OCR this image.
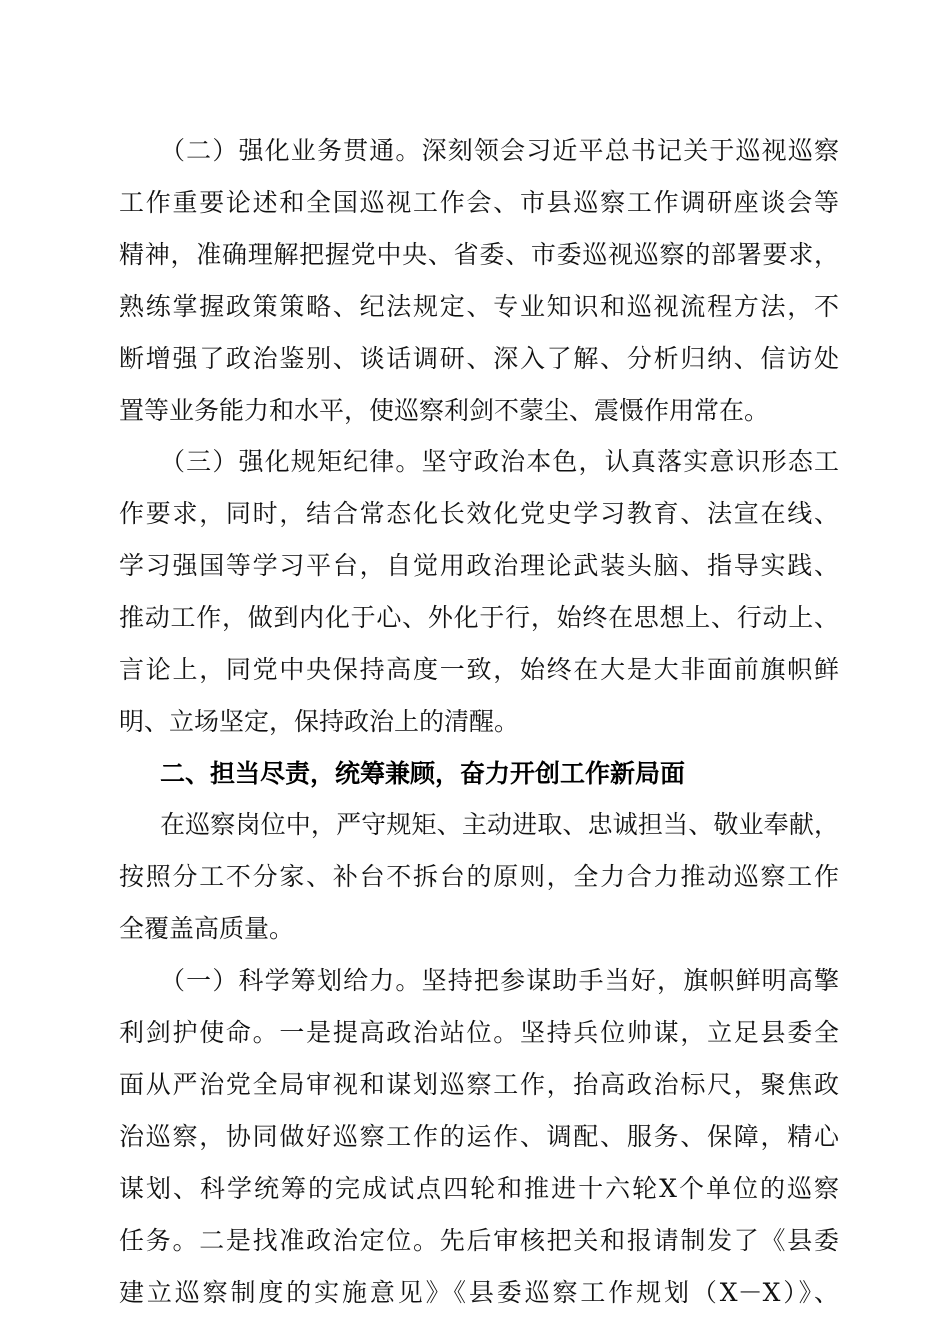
（二）强化业务贯通。深刻领会习近平总书记关于巡视巡察
工作重要论述和全国巡视工作会、市县巡察工作调研座谈会等
精神，准确理解把握党中央、省委、市委巡视巡察的部署要求，
熟练掌握政策策略、纪法规定、专业知识和巡视流程方法，不
断增强了政治鉴别、谈话调研、深入了解、分析归纳、信访处
置等业务能力和水平，使巡察利剑不蒙尘、震慑作用常在。
（三）强化规矩纪律。坚守政治本色，认真落实意识形态工
作要求，同时，结合常态化长效化党史学习教育、法宣在线、
学习强国等学习平台，自觉用政治理论武装头脑、指导实践、
推动工作，做到内化于心、外化于行，始终在思想上、行动上、
言论上，同党中央保持高度一致，始终在大是大非面前旗帜鲜
明、立场坚定，保持政治上的清醒。
二、担当尽责，统筹兼顾，奋力开创工作新局面
在巡察岗位中，严守规矩、主动进取、忠诚担当、敬业奉献，
按照分工不分家、补台不拆台的原则，全力合力推动巡察工作
全覆盖高质量。
（一）科学筹划给力。坚持把参谋助手当好，旗帜鲜明高擎
利剑护使命。一是提高政治站位。坚持兵位帅谋，立足县委全
面从严治党全局审视和谋划巡察工作，抬高政治标尺，聚焦政
治巡察，协同做好巡察工作的运作、调配、服务、保障，精心
谋划、科学统筹的完成试点四轮和推进十六轮X个单位的巡察
任务。二是找准政治定位。先后审核把关和报请制发了《县委
建立巡察制度的实施意见》《县委巡察工作规划（X－X）》、
